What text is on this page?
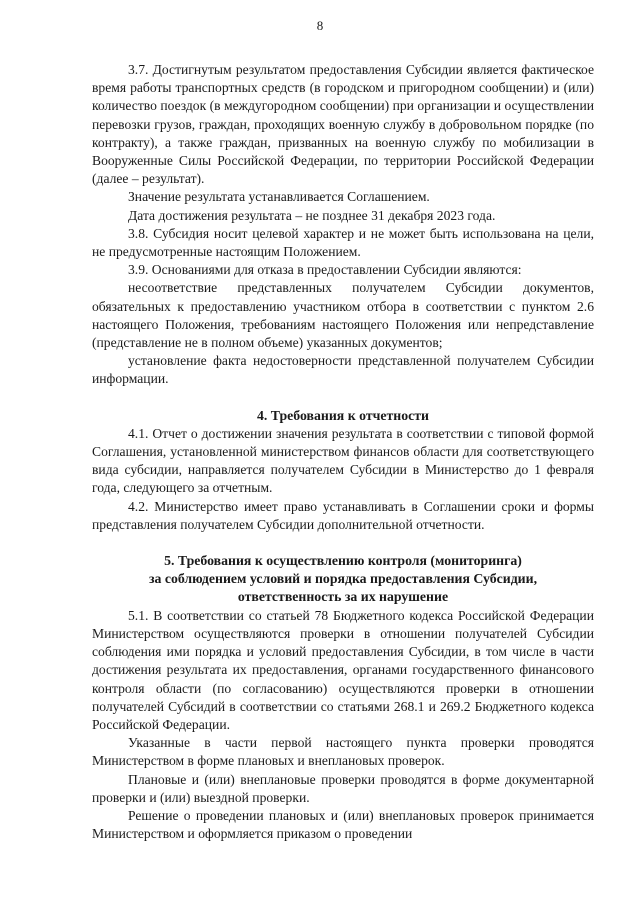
8

3.7. Достигнутым результатом предоставления Субсидии является фактическое время работы транспортных средств (в городском и пригородном сообщении) и (или) количество поездок (в междугородном сообщении) при организации и осуществлении перевозки грузов, граждан, проходящих военную службу в добровольном порядке (по контракту), а также граждан, призванных на военную службу по мобилизации в Вооруженные Силы Российской Федерации, по территории Российской Федерации (далее – результат).

Значение результата устанавливается Соглашением.

Дата достижения результата – не позднее 31 декабря 2023 года.

3.8. Субсидия носит целевой характер и не может быть использована на цели, не предусмотренные настоящим Положением.

3.9. Основаниями для отказа в предоставлении Субсидии являются:

несоответствие представленных получателем Субсидии документов, обязательных к предоставлению участником отбора в соответствии с пунктом 2.6 настоящего Положения, требованиям настоящего Положения или непредставление (представление не в полном объеме) указанных документов;

установление факта недостоверности представленной получателем Субсидии информации.

4. Требования к отчетности

4.1. Отчет о достижении значения результата в соответствии с типовой формой Соглашения, установленной министерством финансов области для соответствующего вида субсидии, направляется получателем Субсидии в Министерство до 1 февраля года, следующего за отчетным.

4.2. Министерство имеет право устанавливать в Соглашении сроки и формы представления получателем Субсидии дополнительной отчетности.

5. Требования к осуществлению контроля (мониторинга)
за соблюдением условий и порядка предоставления Субсидии,
ответственность за их нарушение

5.1. В соответствии со статьей 78 Бюджетного кодекса Российской Федерации Министерством осуществляются проверки в отношении получателей Субсидии соблюдения ими порядка и условий предоставления Субсидии, в том числе в части достижения результата их предоставления, органами государственного финансового контроля области (по согласованию) осуществляются проверки в отношении получателей Субсидий в соответствии со статьями 268.1 и 269.2 Бюджетного кодекса Российской Федерации.

Указанные в части первой настоящего пункта проверки проводятся Министерством в форме плановых и внеплановых проверок.

Плановые и (или) внеплановые проверки проводятся в форме документарной проверки и (или) выездной проверки.

Решение о проведении плановых и (или) внеплановых проверок принимается Министерством и оформляется приказом о проведении
